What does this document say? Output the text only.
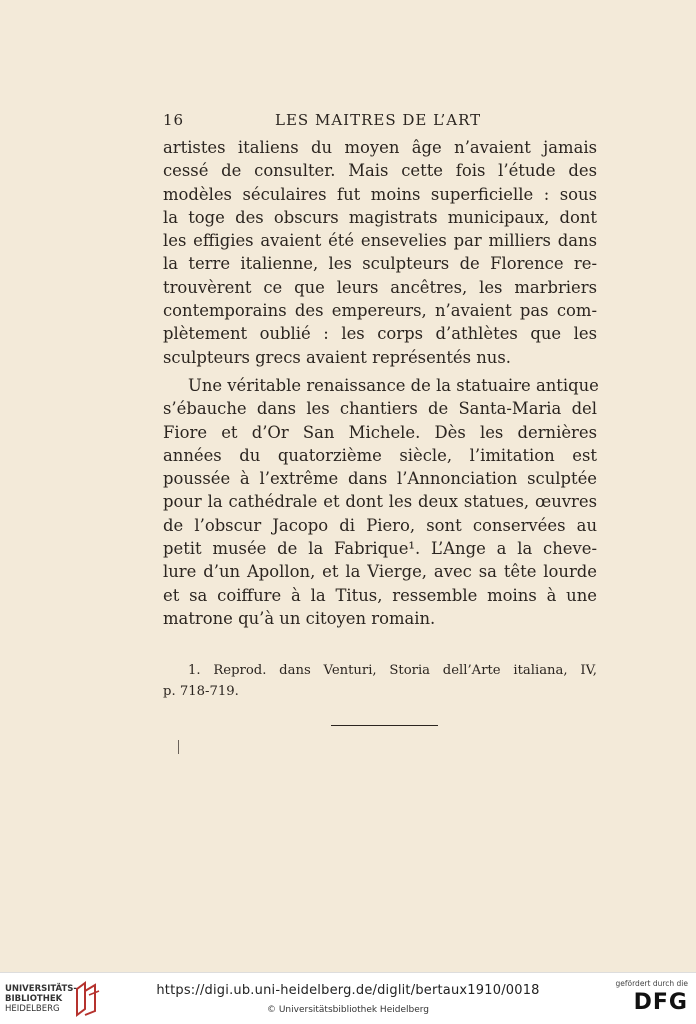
16	LES MAITRES DE L’ART
artistes italiens du moyen âge n’avaient jamais
cessé de consulter. Mais cette fois l’étude des
modèles séculaires fut moins superficielle : sous
la toge des obscurs magistrats municipaux, dont
les effigies avaient été ensevelies par milliers dans
la terre italienne, les sculpteurs de Florence re-
trouvèrent ce que leurs ancêtres, les marbriers
contemporains des empereurs, n’avaient pas com-
plètement oublié : les corps d’athlètes que les
sculpteurs grecs avaient représentés nus.
Une véritable renaissance de la statuaire antique
s’ébauche dans les chantiers de Santa-Maria del
Fiore et d’Or San Michele. Dès les dernières
années du quatorzième siècle, l’imitation est
poussée à l’extrême dans l’Annonciation sculptée
pour la cathédrale et dont les deux statues, œuvres
de l’obscur Jacopo di Piero, sont conservées au
petit musée de la Fabrique¹. L’Ange a la cheve-
lure d’un Apollon, et la Vierge, avec sa tête lourde
et sa coiffure à la Titus, ressemble moins à une
matrone qu’à un citoyen romain.
1. Reprod. dans Venturi, Storia dell’Arte italiana, IV,
p. 718-719.
UNIVERSITÄTS-
BIBLIOTHEK
HEIDELBERG
https://digi.ub.uni-heidelberg.de/diglit/bertaux1910/0018
© Universitätsbibliothek Heidelberg
gefördert durch die
DFG
